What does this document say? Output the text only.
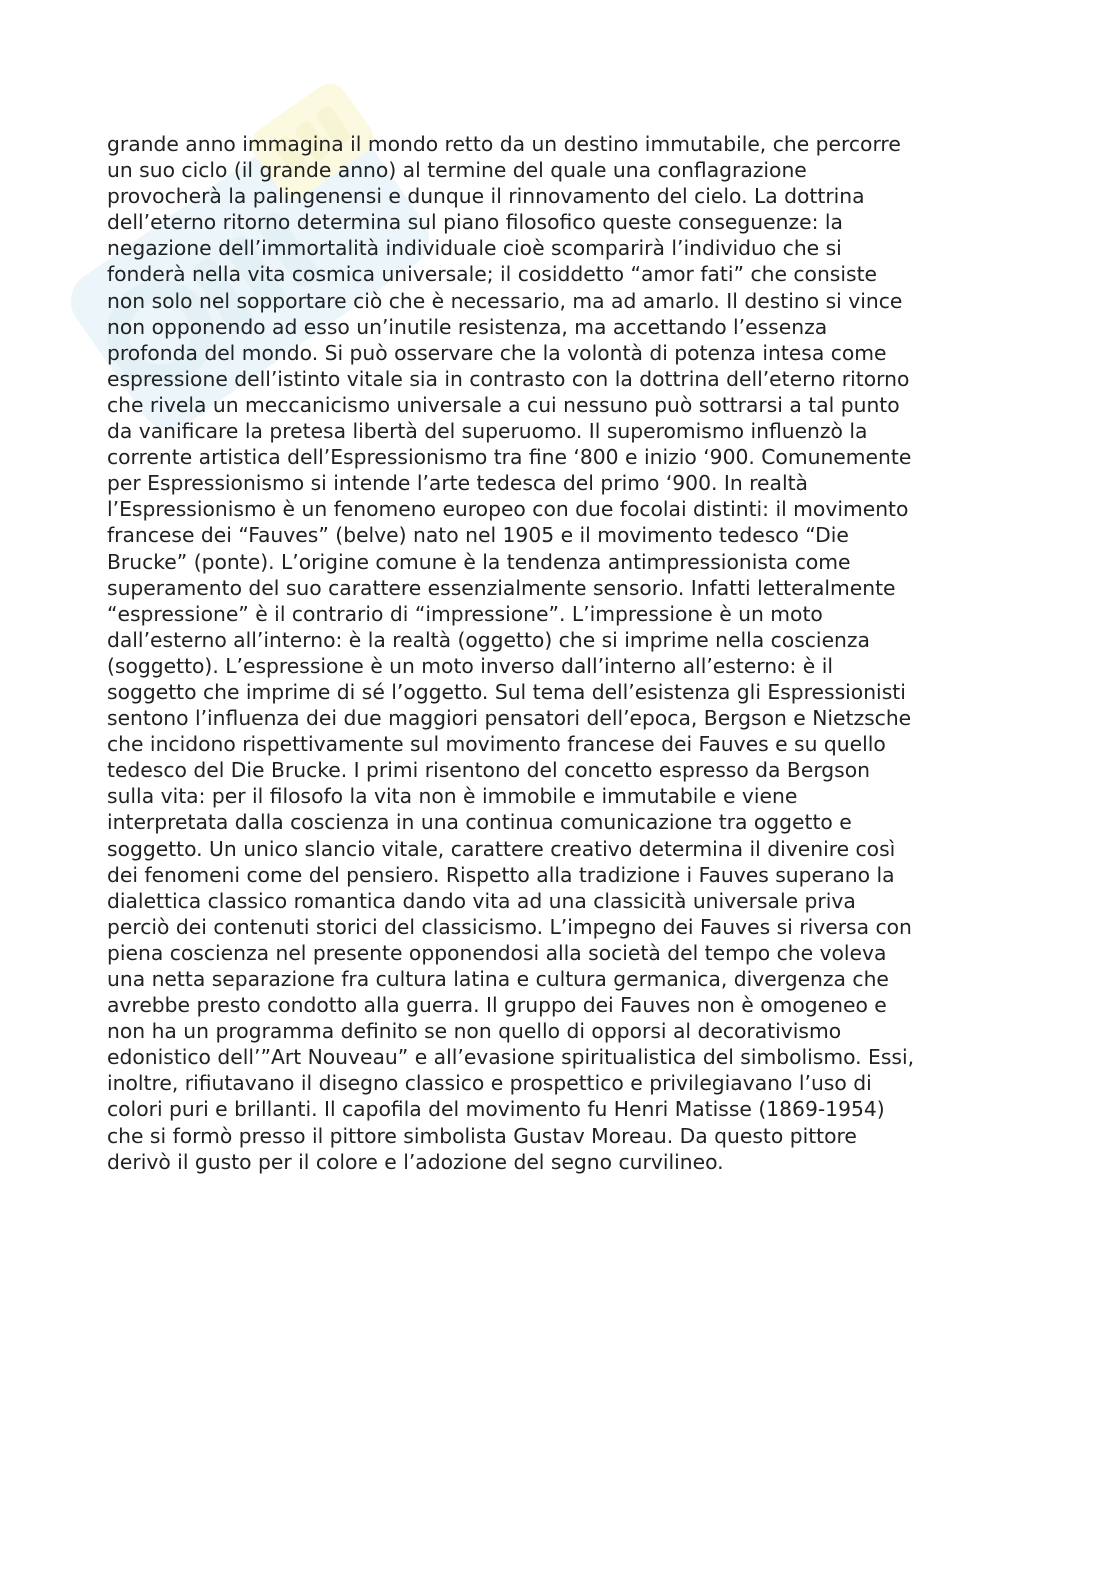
grande anno immagina il mondo retto da un destino immutabile, che percorre
un suo ciclo (il grande anno) al termine del quale una conflagrazione
provocherà la palingenensi e dunque il rinnovamento del cielo. La dottrina
dell’eterno ritorno determina sul piano filosofico queste conseguenze: la
negazione dell’immortalità individuale cioè scomparirà l’individuo che si
fonderà nella vita cosmica universale; il cosiddetto “amor fati” che consiste
non solo nel sopportare ciò che è necessario, ma ad amarlo. Il destino si vince
non opponendo ad esso un’inutile resistenza, ma accettando l’essenza
profonda del mondo. Si può osservare che la volontà di potenza intesa come
espressione dell’istinto vitale sia in contrasto con la dottrina dell’eterno ritorno
che rivela un meccanicismo universale a cui nessuno può sottrarsi a tal punto
da vanificare la pretesa libertà del superuomo. Il superomismo influenzò la
corrente artistica dell’Espressionismo tra fine ‘800 e inizio ‘900. Comunemente
per Espressionismo si intende l’arte tedesca del primo ‘900. In realtà
l’Espressionismo è un fenomeno europeo con due focolai distinti: il movimento
francese dei “Fauves” (belve) nato nel 1905 e il movimento tedesco “Die
Brucke” (ponte). L’origine comune è la tendenza antimpressionista come
superamento del suo carattere essenzialmente sensorio. Infatti letteralmente
“espressione” è il contrario di “impressione”. L’impressione è un moto
dall’esterno all’interno: è la realtà (oggetto) che si imprime nella coscienza
(soggetto). L’espressione è un moto inverso dall’interno all’esterno: è il
soggetto che imprime di sé l’oggetto. Sul tema dell’esistenza gli Espressionisti
sentono l’influenza dei due maggiori pensatori dell’epoca, Bergson e Nietzsche
che incidono rispettivamente sul movimento francese dei Fauves e su quello
tedesco del Die Brucke. I primi risentono del concetto espresso da Bergson
sulla vita: per il filosofo la vita non è immobile e immutabile e viene
interpretata dalla coscienza in una continua comunicazione tra oggetto e
soggetto. Un unico slancio vitale, carattere creativo determina il divenire così
dei fenomeni come del pensiero. Rispetto alla tradizione i Fauves superano la
dialettica classico romantica dando vita ad una classicità universale priva
perciò dei contenuti storici del classicismo. L’impegno dei Fauves si riversa con
piena coscienza nel presente opponendosi alla società del tempo che voleva
una netta separazione fra cultura latina e cultura germanica, divergenza che
avrebbe presto condotto alla guerra. Il gruppo dei Fauves non è omogeneo e
non ha un programma definito se non quello di opporsi al decorativismo
edonistico dell’”Art Nouveau” e all’evasione spiritualistica del simbolismo. Essi,
inoltre, rifiutavano il disegno classico e prospettico e privilegiavano l’uso di
colori puri e brillanti. Il capofila del movimento fu Henri Matisse (1869-1954)
che si formò presso il pittore simbolista Gustav Moreau. Da questo pittore
derivò il gusto per il colore e l’adozione del segno curvilineo.
